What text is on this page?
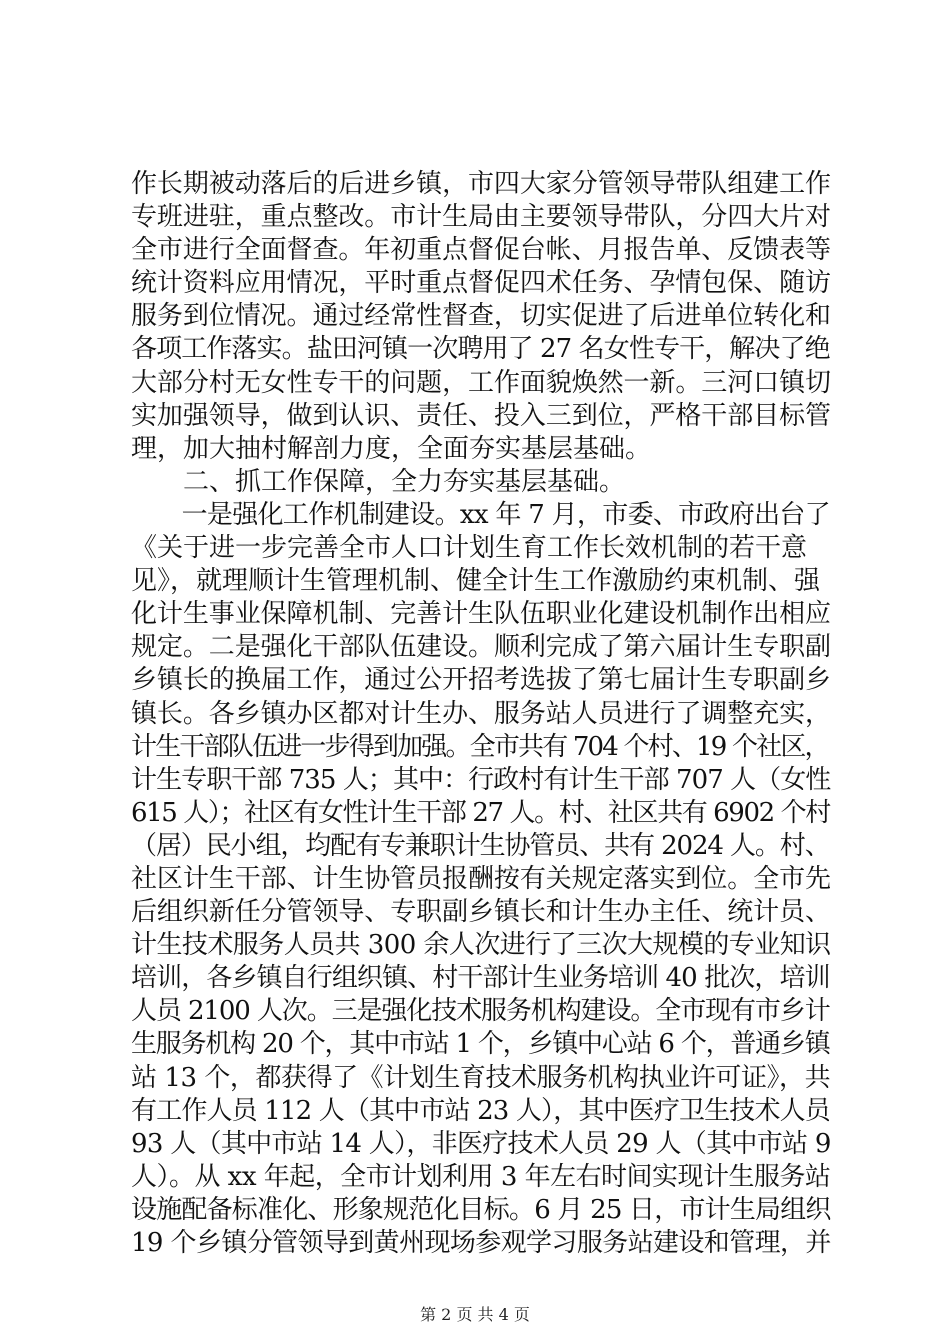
作长期被动落后的后进乡镇，市四大家分管领导带队组建工作
专班进驻，重点整改。市计生局由主要领导带队，分四大片对
全市进行全面督查。年初重点督促台帐、月报告单、反馈表等
统计资料应用情况，平时重点督促四术任务、孕情包保、随访
服务到位情况。通过经常性督查，切实促进了后进单位转化和
各项工作落实。盐田河镇一次聘用了 27 名女性专干，解决了绝
大部分村无女性专干的问题，工作面貌焕然一新。三河口镇切
实加强领导，做到认识、责任、投入三到位，严格干部目标管
理，加大抽村解剖力度，全面夯实基层基础。
　　二、抓工作保障，全力夯实基层基础。
　　一是强化工作机制建设。xx 年 7 月，市委、市政府出台了
《关于进一步完善全市人口计划生育工作长效机制的若干意
见》，就理顺计生管理机制、健全计生工作激励约束机制、强
化计生事业保障机制、完善计生队伍职业化建设机制作出相应
规定。二是强化干部队伍建设。顺利完成了第六届计生专职副
乡镇长的换届工作，通过公开招考选拔了第七届计生专职副乡
镇长。各乡镇办区都对计生办、服务站人员进行了调整充实，
计生干部队伍进一步得到加强。全市共有 704 个村、19 个社区，
计生专职干部 735 人；其中：行政村有计生干部 707 人（女性
615 人）；社区有女性计生干部 27 人。村、社区共有 6902 个村
（居）民小组，均配有专兼职计生协管员、共有 2024 人。村、
社区计生干部、计生协管员报酬按有关规定落实到位。全市先
后组织新任分管领导、专职副乡镇长和计生办主任、统计员、
计生技术服务人员共 300 余人次进行了三次大规模的专业知识
培训，各乡镇自行组织镇、村干部计生业务培训 40 批次，培训
人员 2100 人次。三是强化技术服务机构建设。全市现有市乡计
生服务机构 20 个，其中市站 1 个，乡镇中心站 6 个，普通乡镇
站 13 个，都获得了《计划生育技术服务机构执业许可证》，共
有工作人员 112 人（其中市站 23 人），其中医疗卫生技术人员
93 人（其中市站 14 人），非医疗技术人员 29 人（其中市站 9
人）。从 xx 年起，全市计划利用 3 年左右时间实现计生服务站
设施配备标准化、形象规范化目标。6 月 25 日，市计生局组织
19 个乡镇分管领导到黄州现场参观学习服务站建设和管理，并
第 2 页 共 4 页
